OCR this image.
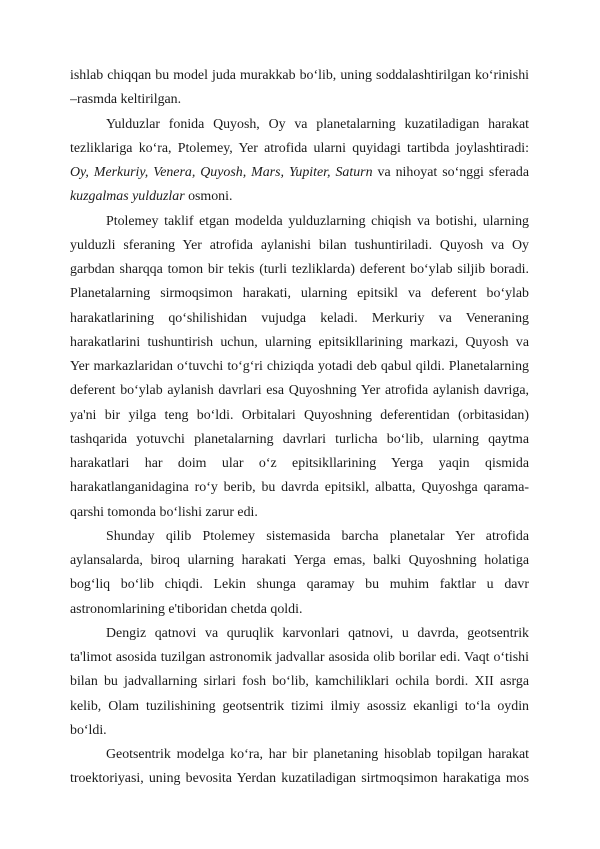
ishlab chiqqan bu model juda murakkab bo‘lib, uning soddalashtirilgan ko‘rinishi
–rasmda keltirilgan.
Yulduzlar fonida Quyosh, Oy va planetalarning kuzatiladigan harakat
tezliklariga ko‘ra, Ptolemey, Yer atrofida ularni quyidagi tartibda joylashtiradi:
Oy, Merkuriy, Venera, Quyosh, Mars, Yupiter, Saturn va nihoyat so‘nggi sferada
kuzgalmas yulduzlar osmoni.
Ptolemey taklif etgan modelda yulduzlarning chiqish va botishi, ularning
yulduzli sferaning Yer atrofida aylanishi bilan tushuntiriladi. Quyosh va Oy
garbdan sharqqa tomon bir tekis (turli tezliklarda) deferent bo‘ylab siljib boradi.
Planetalarning sirmoqsimon harakati, ularning epitsikl va deferent bo‘ylab
harakatlarining qo‘shilishidan vujudga keladi. Merkuriy va Veneraning
harakatlarini tushuntirish uchun, ularning epitsikllarining markazi, Quyosh va
Yer markazlaridan o‘tuvchi to‘g‘ri chiziqda yotadi deb qabul qildi. Planetalarning
deferent bo‘ylab aylanish davrlari esa Quyoshning Yer atrofida aylanish davriga,
ya'ni bir yilga teng bo‘ldi. Orbitalari Quyoshning deferentidan (orbitasidan)
tashqarida yotuvchi planetalarning davrlari turlicha bo‘lib, ularning qaytma
harakatlari har doim ular o‘z epitsikllarining Yerga yaqin qismida
harakatlanganidagina ro‘y berib, bu davrda epitsikl, albatta, Quyoshga qarama-
qarshi tomonda bo‘lishi zarur edi.
Shunday qilib Ptolemey sistemasida barcha planetalar Yer atrofida
aylansalarda, biroq ularning harakati Yerga emas, balki Quyoshning holatiga
bog‘liq bo‘lib chiqdi. Lekin shunga qaramay bu muhim faktlar u davr
astronomlarining e'tiboridan chetda qoldi.
Dengiz qatnovi va quruqlik karvonlari qatnovi, u davrda, geotsentrik
ta'limot asosida tuzilgan astronomik jadvallar asosida olib borilar edi. Vaqt o‘tishi
bilan bu jadvallarning sirlari fosh bo‘lib, kamchiliklari ochila bordi. XII asrga
kelib, Olam tuzilishining geotsentrik tizimi ilmiy asossiz ekanligi to‘la oydin
bo‘ldi.
Geotsentrik modelga ko‘ra, har bir planetaning hisoblab topilgan harakat
troektoriyasi, uning bevosita Yerdan kuzatiladigan sirtmoqsimon harakatiga mos
